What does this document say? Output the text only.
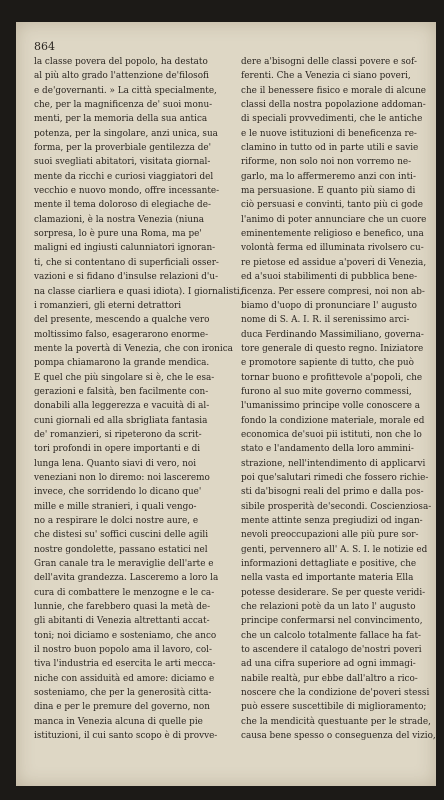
864
la classe povera del popolo, ha destato
al più alto grado l'attenzione de'filosofi
e de'governanti. » La città specialmente,
che, per la magnificenza de' suoi monu-
menti, per la memoria della sua antica
potenza, per la singolare, anzi unica, sua
forma, per la proverbiale gentilezza de'
suoi svegliati abitatori, visitata giornal-
mente da ricchi e curiosi viaggiatori del
vecchio e nuovo mondo, offre incessante-
mente il tema doloroso di elegiache de-
clamazioni, è la nostra Venezia (niuna
sorpresa, lo è pure una Roma, ma pe'
maligni ed ingiusti calunniatori ignoran-
ti, che si contentano di superficiali osser-
vazioni e si fidano d'insulse relazioni d'u-
na classe ciarliera e quasi idiota). I giornalisti,
i romanzieri, gli eterni detrattori
del presente, mescendo a qualche vero
moltissimo falso, esagerarono enorme-
mente la povertà di Venezia, che con ironica
pompa chiamarono la grande mendica.
E quel che più singolare si è, che le esa-
gerazioni e falsità, ben facilmente con-
donabili alla leggerezza e vacuità di al-
cuni giornali ed alla sbrigliata fantasia
de' romanzieri, si ripeterono da scrit-
tori profondi in opere importanti e di
lunga lena. Quanto siavi di vero, noi
veneziani non lo diremo: noi lasceremo
invece, che sorridendo lo dicano que'
mille e mille stranieri, i quali vengo-
no a respirare le dolci nostre aure, e
che distesi su' soffici cuscini delle agili
nostre gondolette, passano estatici nel
Gran canale tra le meraviglie dell'arte e
dell'avita grandezza. Lasceremo a loro la
cura di combattere le menzogne e le ca-
lunnie, che farebbero quasi la metà de-
gli abitanti di Venezia altrettanti accat-
toni; noi diciamo e sosteniamo, che anco
il nostro buon popolo ama il lavoro, col-
tiva l'industria ed esercita le arti mecca-
niche con assiduità ed amore: diciamo e
sosteniamo, che per la generosità citta-
dina e per le premure del governo, non
manca in Venezia alcuna di quelle pie
istituzioni, il cui santo scopo è di provve-
dere a'bisogni delle classi povere e sof-
ferenti. Che a Venezia ci siano poveri,
che il benessere fisico e morale di alcune
classi della nostra popolazione addoman-
di speciali provvedimenti, che le antiche
e le nuove istituzioni di beneficenza re-
clamino in tutto od in parte utili e savie
riforme, non solo noi non vorremo ne-
garlo, ma lo affermeremo anzi con inti-
ma persuasione. E quanto più siamo di
ciò persuasi e convinti, tanto più ci gode
l'animo di poter annunciare che un cuore
eminentemente religioso e benefico, una
volontà ferma ed illuminata rivolsero cu-
re pietose ed assidue a'poveri di Venezia,
ed a'suoi stabilimenti di pubblica bene-
ficenza. Per essere compresi, noi non ab-
biamo d'uopo di pronunciare l' augusto
nome di S. A. I. R. il serenissimo arci-
duca Ferdinando Massimiliano, governa-
tore generale di questo regno. Iniziatore
e promotore sapiente di tutto, che può
tornar buono e profittevole a'popoli, che
furono al suo mite governo commessi,
l'umanissimo principe volle conoscere a
fondo la condizione materiale, morale ed
economica de'suoi pii istituti, non che lo
stato e l'andamento della loro ammini-
strazione, nell'intendimento di applicarvi
poi que'salutari rimedi che fossero richie-
sti da'bisogni reali del primo e dalla pos-
sibile prosperità de'secondi. Coscienziosa-
mente attinte senza pregiudizi od ingan-
nevoli preoccupazioni alle più pure sor-
genti, pervennero all' A. S. I. le notizie ed
informazioni dettagliate e positive, che
nella vasta ed importante materia Ella
potesse desiderare. Se per queste veridi-
che relazioni potè da un lato l' augusto
principe confermarsi nel convincimento,
che un calcolo totalmente fallace ha fat-
to ascendere il catalogo de'nostri poveri
ad una cifra superiore ad ogni immagi-
nabile realtà, pur ebbe dall'altro a rico-
noscere che la condizione de'poveri stessi
può essere suscettibile di miglioramento;
che la mendicità questuante per le strade,
causa bene spesso o conseguenza del vizio,
